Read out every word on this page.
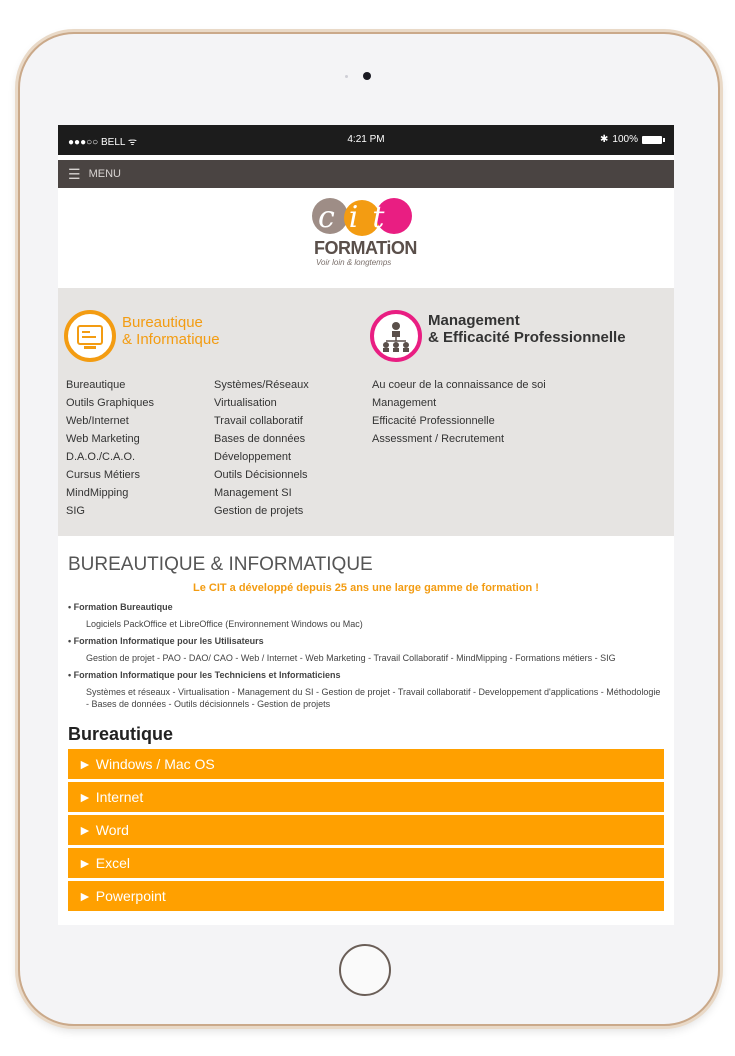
●●●○○ BELL ᯤ	4:21 PM	✱ 100%
☰ MENU
cit
FORMATiON
Voir loin & longtemps
Bureautique
& Informatique
Management
& Efficacité Professionnelle
Bureautique
Outils Graphiques
Web/Internet
Web Marketing
D.A.O./C.A.O.
Cursus Métiers
MindMipping
SIG
Systèmes/Réseaux
Virtualisation
Travail collaboratif
Bases de données
Développement
Outils Décisionnels
Management SI
Gestion de projets
Au coeur de la connaissance de soi
Management
Efficacité Professionnelle
Assessment / Recrutement
BUREAUTIQUE & INFORMATIQUE
Le CIT a développé depuis 25 ans une large gamme de formation !
• Formation Bureautique
Logiciels PackOffice et LibreOffice (Environnement Windows ou Mac)
• Formation Informatique pour les Utilisateurs
Gestion de projet - PAO - DAO/ CAO - Web / Internet - Web Marketing - Travail Collaboratif - MindMipping - Formations métiers - SIG
• Formation Informatique pour les Techniciens et Informaticiens
Systèmes et réseaux - Virtualisation - Management du SI - Gestion de projet - Travail collaboratif - Developpement d'applications - Méthodologie - Bases de données - Outils décisionnels - Gestion de projets
Bureautique
► Windows / Mac OS
► Internet
► Word
► Excel
► Powerpoint
